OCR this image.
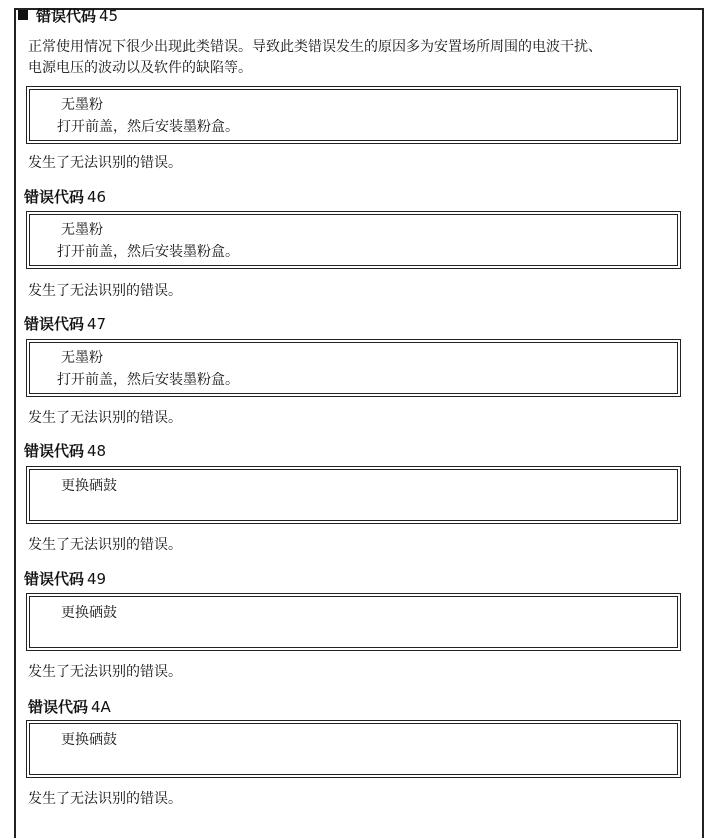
错误代码 45
正常使用情况下很少出现此类错误。导致此类错误发生的原因多为安置场所周围的电波干扰、
电源电压的波动以及软件的缺陷等。
无墨粉
打开前盖，然后安装墨粉盒。
发生了无法识别的错误。
错误代码 46
无墨粉
打开前盖，然后安装墨粉盒。
发生了无法识别的错误。
错误代码 47
无墨粉
打开前盖，然后安装墨粉盒。
发生了无法识别的错误。
错误代码 48
更换硒鼓
发生了无法识别的错误。
错误代码 49
更换硒鼓
发生了无法识别的错误。
错误代码 4A
更换硒鼓
发生了无法识别的错误。
